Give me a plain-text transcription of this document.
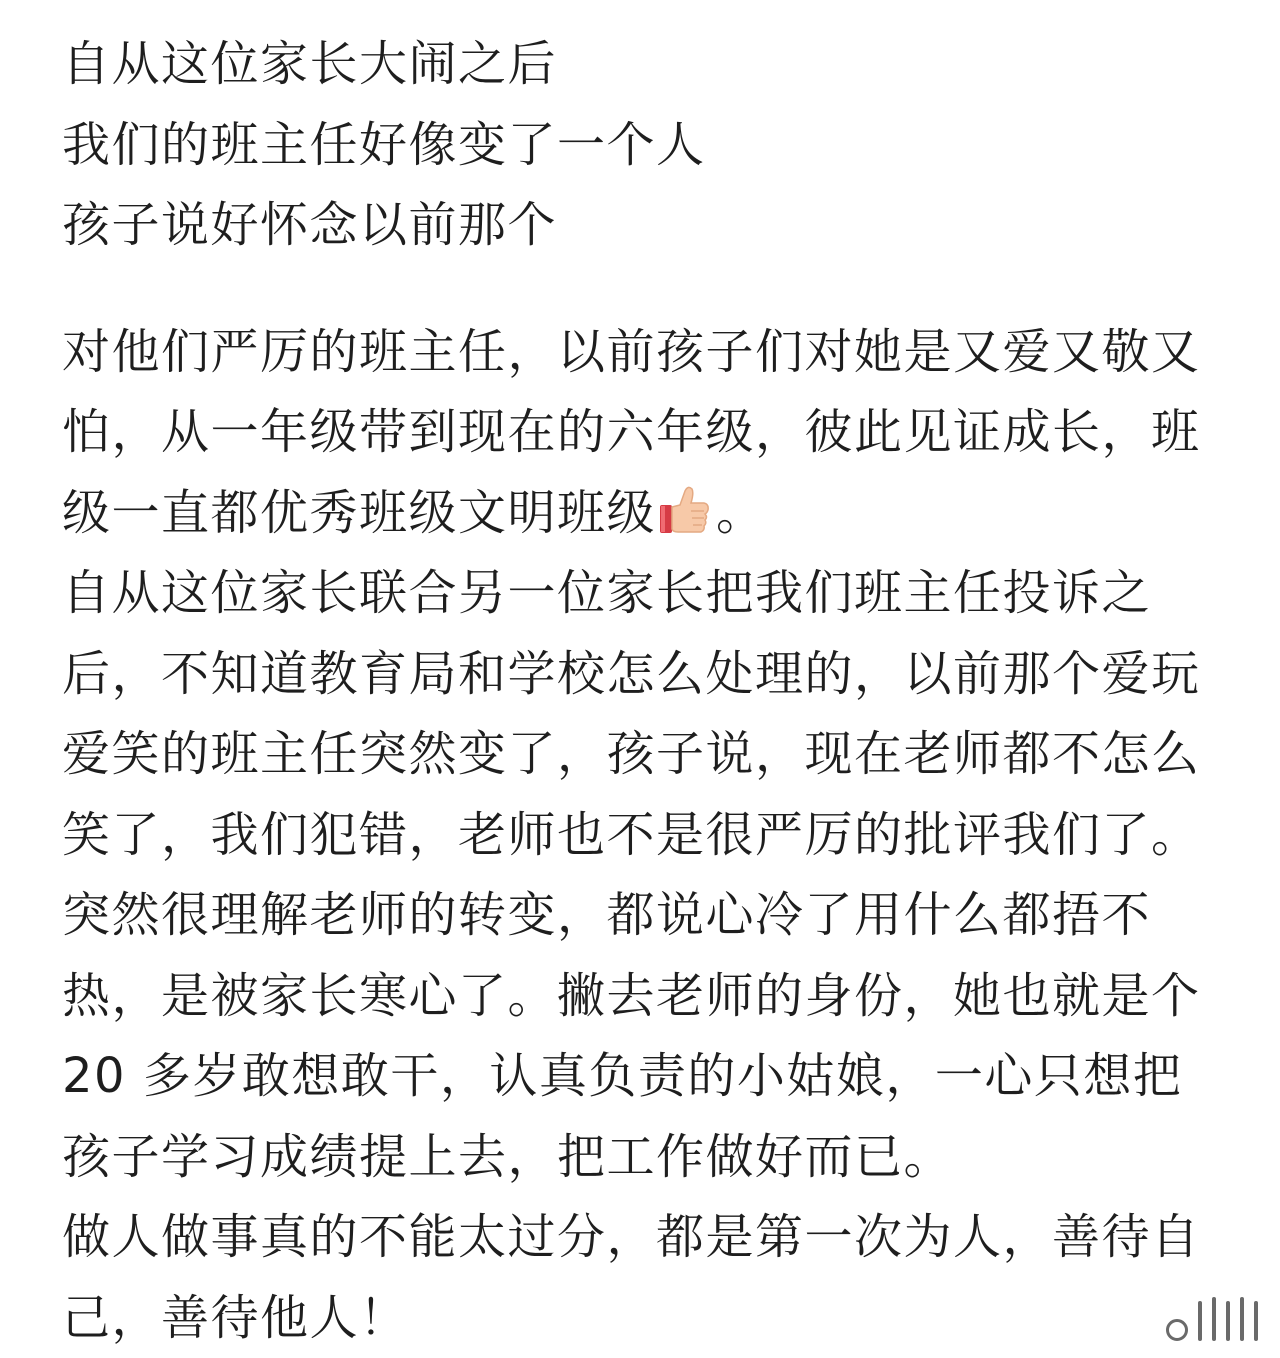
自从这位家长大闹之后
我们的班主任好像变了一个人
孩子说好怀念以前那个
对他们严厉的班主任，以前孩子们对她是又爱又敬又
怕，从一年级带到现在的六年级，彼此见证成长，班
级一直都优秀班级文明班级 。
自从这位家长联合另一位家长把我们班主任投诉之
后，不知道教育局和学校怎么处理的，以前那个爱玩
爱笑的班主任突然变了，孩子说，现在老师都不怎么
笑了，我们犯错，老师也不是很严厉的批评我们了。
突然很理解老师的转变，都说心冷了用什么都捂不
热，是被家长寒心了。撇去老师的身份，她也就是个
20 多岁敢想敢干，认真负责的小姑娘，一心只想把
孩子学习成绩提上去，把工作做好而已。
做人做事真的不能太过分，都是第一次为人，善待自
己，善待他人！
